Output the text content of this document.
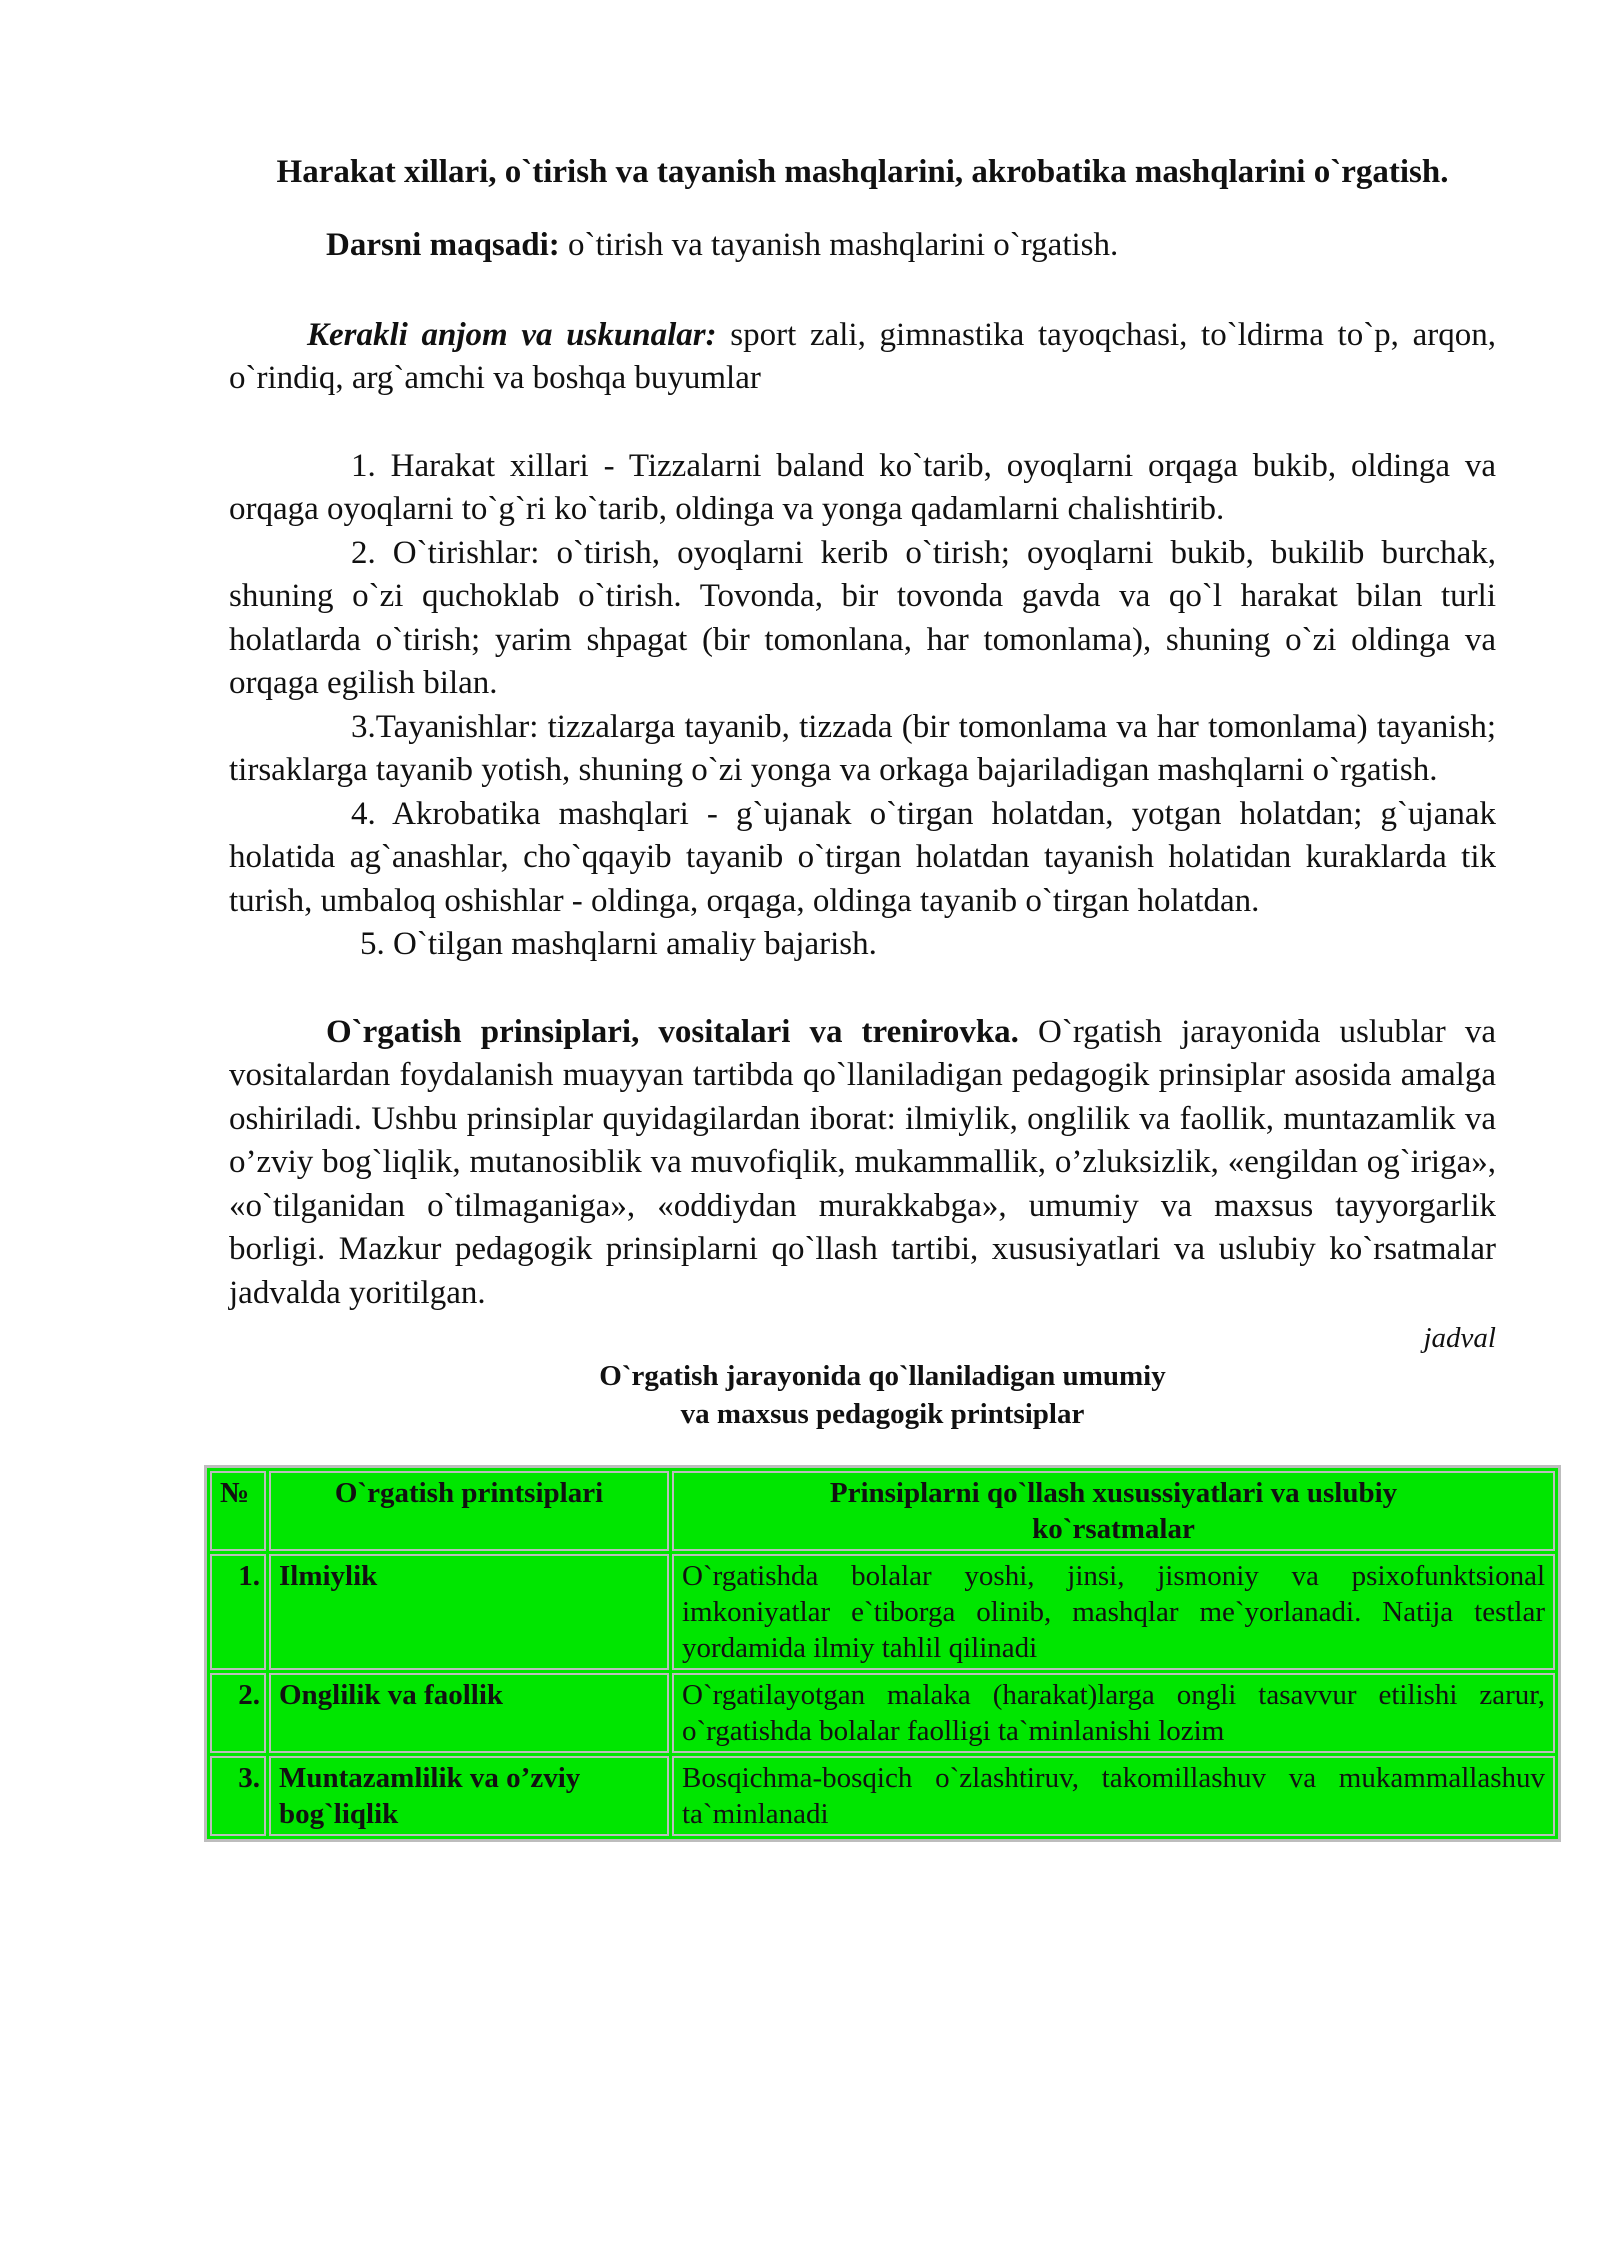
Harakat xillari, o`tirish va tayanish mashqlarini, akrobatika mashqlarini o`rgatish.

Darsni maqsadi: o`tirish va tayanish mashqlarini o`rgatish.

Kerakli anjom va uskunalar: sport zali, gimnastika tayoqchasi, to`ldirma to`p, arqon, o`rindiq, arg`amchi va boshqa buyumlar

1. Harakat xillari - Tizzalarni baland ko`tarib, oyoqlarni orqaga bukib, oldinga va orqaga oyoqlarni to`g`ri ko`tarib, oldinga va yonga qadamlarni chalishtirib.

2. O`tirishlar: o`tirish, oyoqlarni kerib o`tirish; oyoqlarni bukib, bukilib burchak, shuning o`zi quchoklab o`tirish. Tovonda, bir tovonda gavda va qo`l harakat bilan turli holatlarda o`tirish; yarim shpagat (bir tomonlana, har tomonlama), shuning o`zi oldinga va orqaga egilish bilan.

3.Tayanishlar: tizzalarga tayanib, tizzada (bir tomonlama va har tomonlama) tayanish; tirsaklarga tayanib yotish, shuning o`zi yonga va orkaga bajariladigan mashqlarni o`rgatish.

4. Akrobatika mashqlari - g`ujanak o`tirgan holatdan, yotgan holatdan; g`ujanak holatida ag`anashlar, cho`qqayib tayanib o`tirgan holatdan tayanish holatidan kuraklarda tik turish, umbaloq oshishlar - oldinga, orqaga, oldinga tayanib o`tirgan holatdan.

5. O`tilgan mashqlarni amaliy bajarish.

O`rgatish prinsiplari, vositalari va trenirovka. O`rgatish jarayonida uslublar va vositalardan foydalanish muayyan tartibda qo`llaniladigan pedagogik prinsiplar asosida amalga oshiriladi. Ushbu prinsiplar quyidagilardan iborat: ilmiylik, onglilik va faollik, muntazamlik va o’zviy bog`liqlik, mutanosiblik va muvofiqlik, mukammallik, o’zluksizlik, «engildan og`iriga», «o`tilganidan o`tilmaganiga», «oddiydan murakkabga», umumiy va maxsus tayyorgarlik borligi. Mazkur pedagogik prinsiplarni qo`llash tartibi, xususiyatlari va uslubiy ko`rsatmalar jadvalda yoritilgan.

jadval
O`rgatish jarayonida qo`llaniladigan umumiy
va maxsus pedagogik printsiplar
№	O`rgatish printsiplari	Prinsiplarni qo`llash xusussiyatlari va uslubiy ko`rsatmalar
1.	Ilmiylik	O`rgatishda bolalar yoshi, jinsi, jismoniy va psixofunktsional imkoniyatlar e`tiborga olinib, mashqlar me`yorlanadi. Natija testlar yordamida ilmiy tahlil qilinadi
2.	Onglilik va faollik	O`rgatilayotgan malaka (harakat)larga ongli tasavvur etilishi zarur, o`rgatishda bolalar faolligi ta`minlanishi lozim
3.	Muntazamlilik va o’zviy bog`liqlik	Bosqichma-bosqich o`zlashtiruv, takomillashuv va mukammallashuv ta`minlanadi
